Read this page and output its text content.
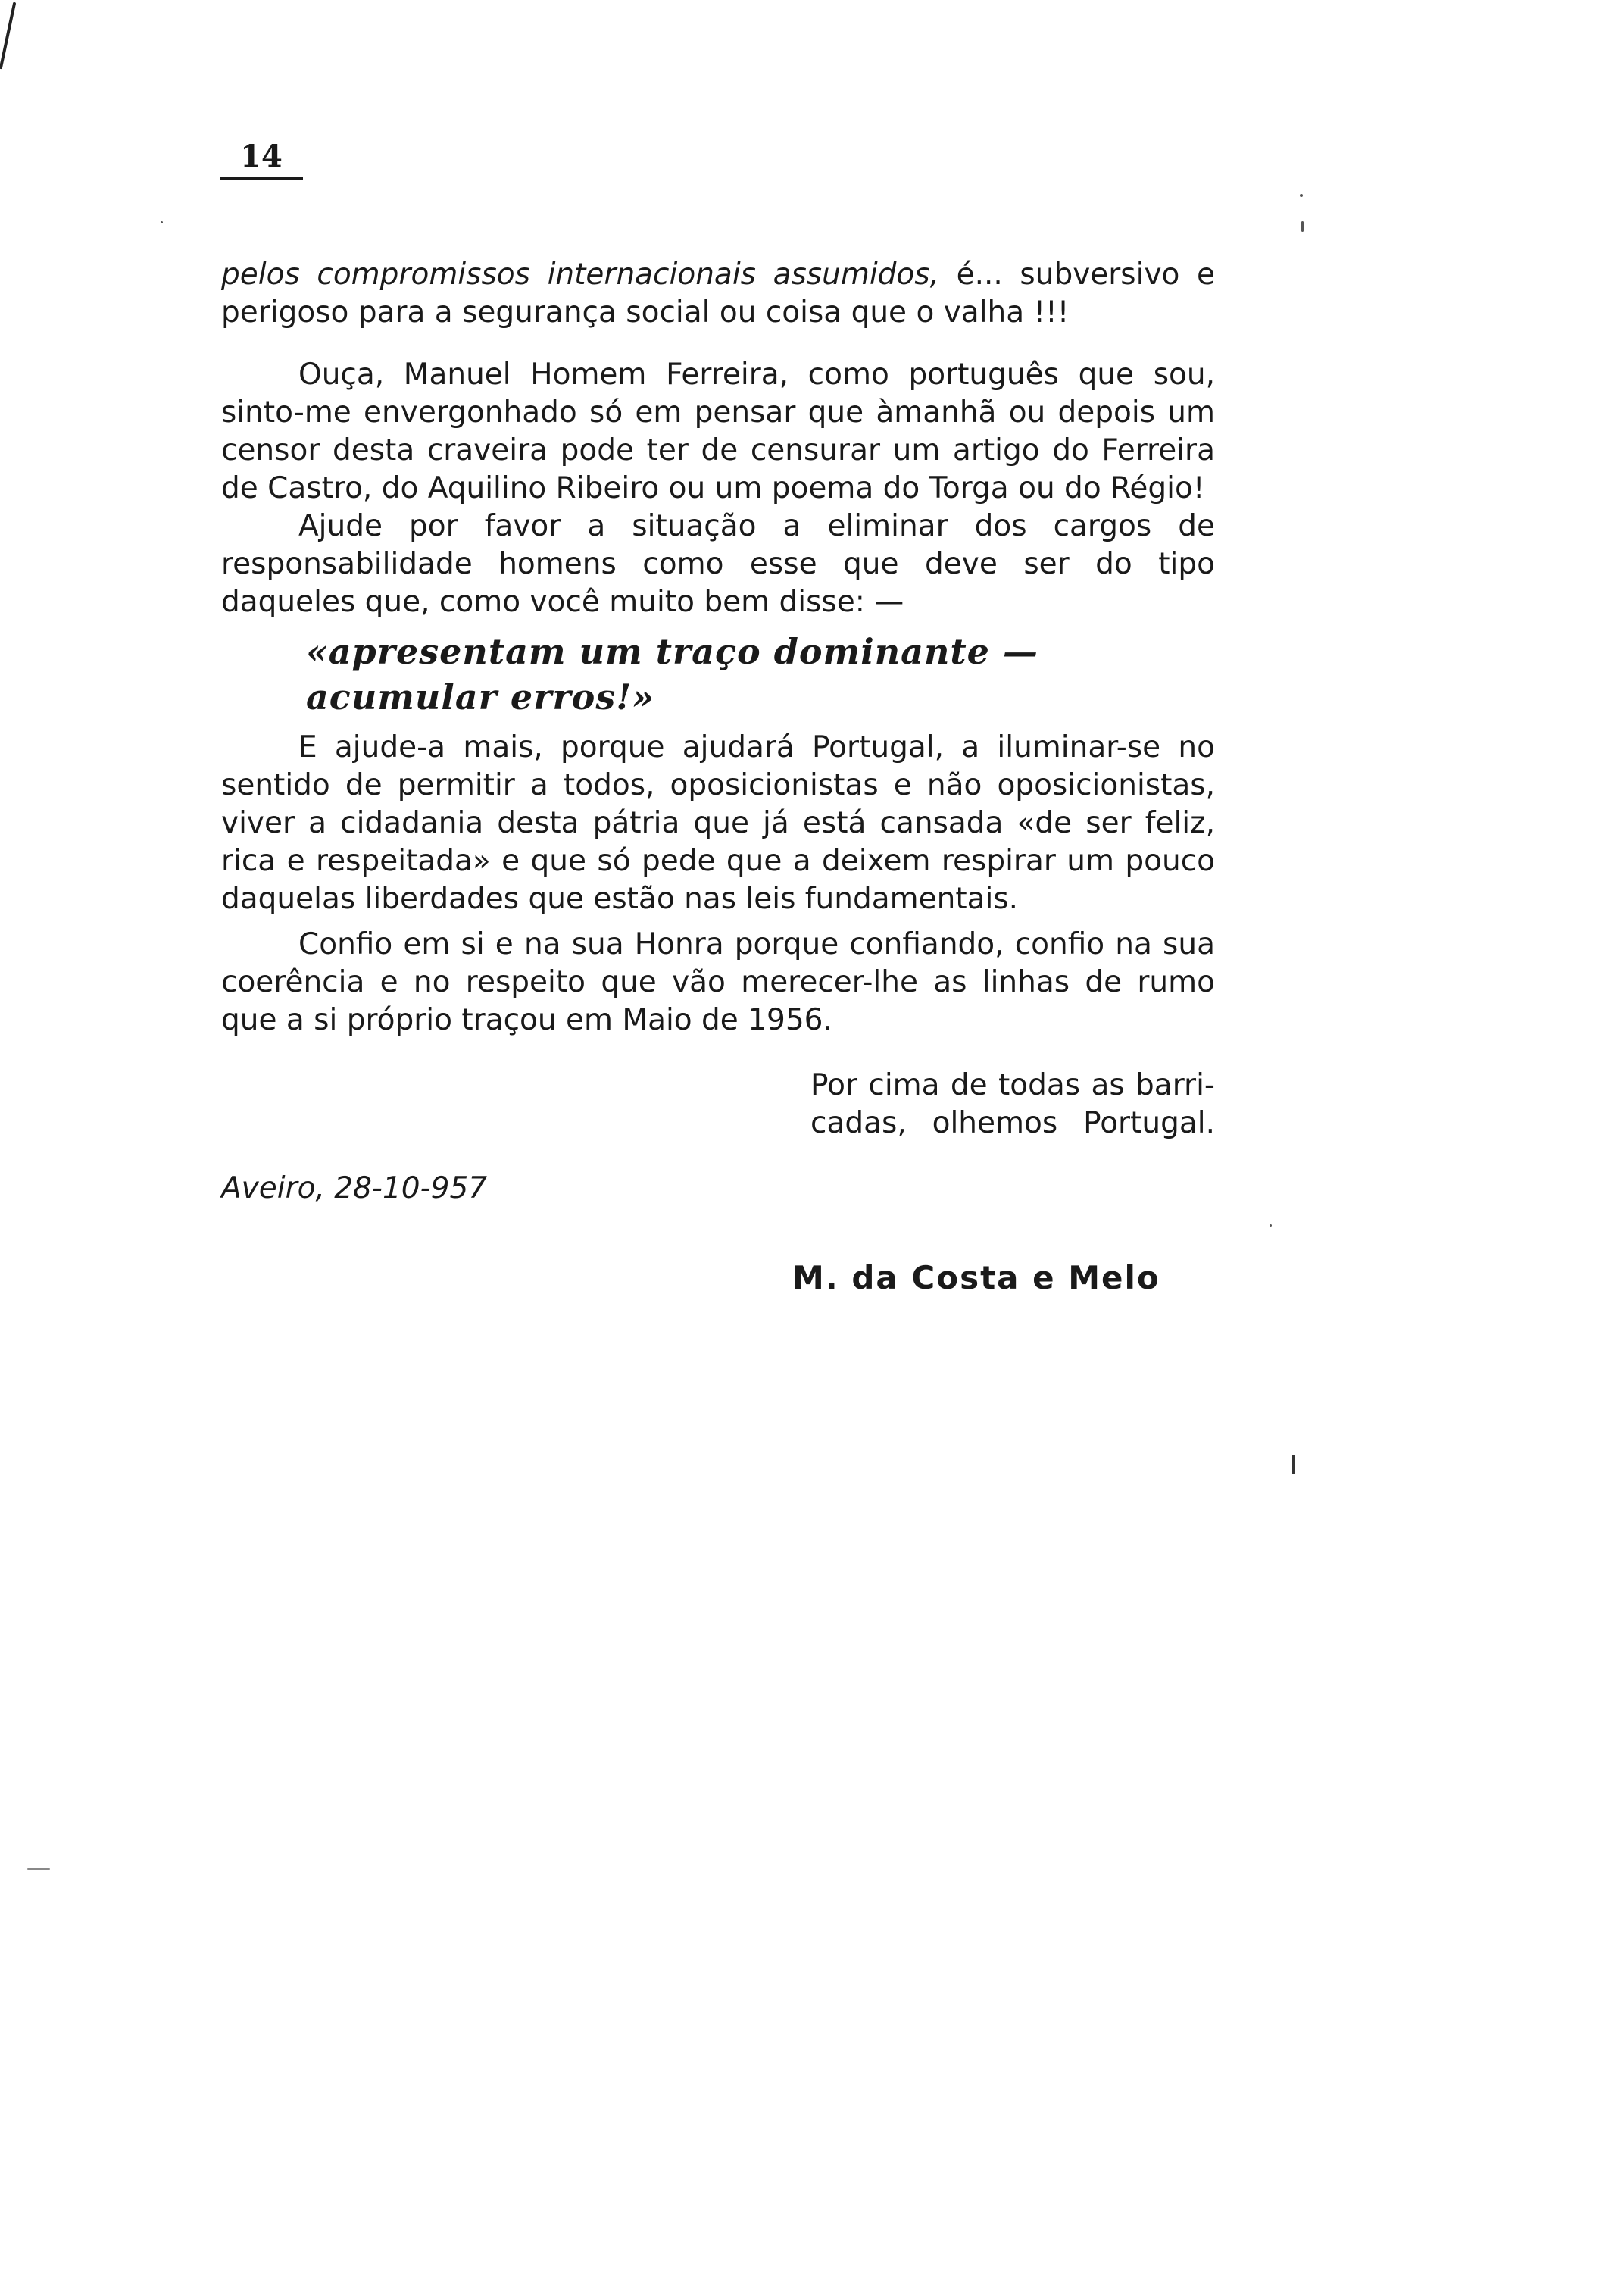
14

pelos compromissos internacionais assumidos, é... subversivo e perigoso para a segurança social ou coisa que o valha !!!

Ouça, Manuel Homem Ferreira, como português que sou, sinto-me envergonhado só em pensar que àmanhã ou depois um censor desta craveira pode ter de censurar um artigo do Ferreira de Castro, do Aquilino Ribeiro ou um poema do Torga ou do Régio!

Ajude por favor a situação a eliminar dos cargos de responsabilidade homens como esse que deve ser do tipo daqueles que, como você muito bem disse: —

«apresentam um traço dominante — acumular erros!»

E ajude-a mais, porque ajudará Portugal, a iluminar-se no sentido de permitir a todos, oposicionistas e não oposicionistas, viver a cidadania desta pátria que já está cansada «de ser feliz, rica e respeitada» e que só pede que a deixem respirar um pouco daquelas liberdades que estão nas leis fundamentais.

Confio em si e na sua Honra porque confiando, confio na sua coerência e no respeito que vão merecer-lhe as linhas de rumo que a si próprio traçou em Maio de 1956.

Por cima de todas as barri-
cadas, olhemos Portugal.
Aveiro, 28-10-957
M. da Costa e Melo
